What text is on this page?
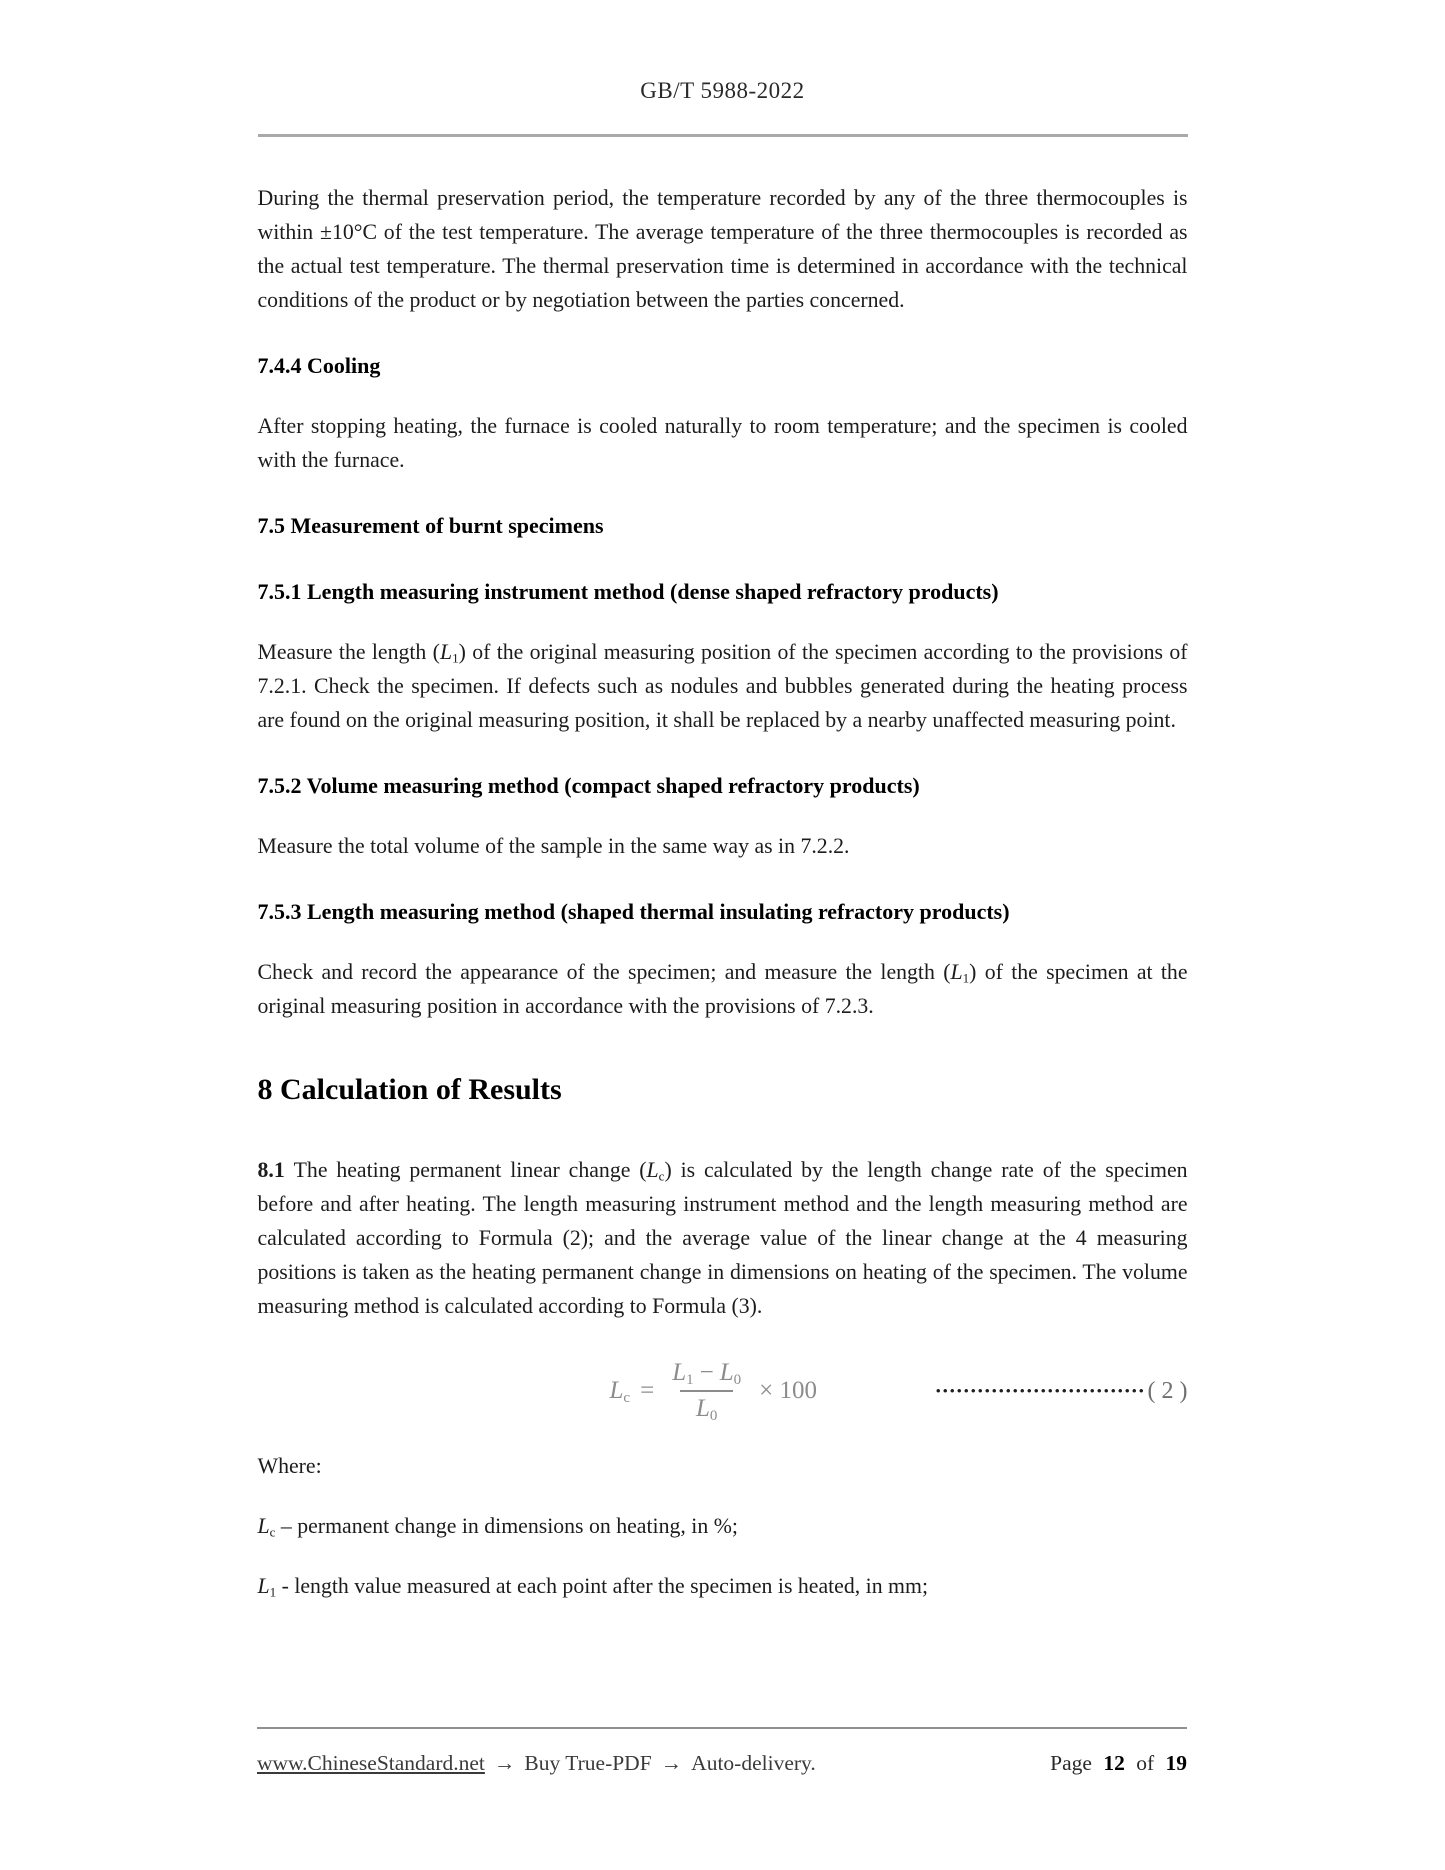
GB/T 5988-2022

During the thermal preservation period, the temperature recorded by any of the three thermocouples is within ±10°C of the test temperature. The average temperature of the three thermocouples is recorded as the actual test temperature. The thermal preservation time is determined in accordance with the technical conditions of the product or by negotiation between the parties concerned.

7.4.4 Cooling

After stopping heating, the furnace is cooled naturally to room temperature; and the specimen is cooled with the furnace.

7.5 Measurement of burnt specimens
7.5.1 Length measuring instrument method (dense shaped refractory products)

Measure the length $(L_1)$ of the original measuring position of the specimen according to the provisions of 7.2.1. Check the specimen. If defects such as nodules and bubbles generated during the heating process are found on the original measuring position, it shall be replaced by a nearby unaffected measuring point.

7.5.2 Volume measuring method (compact shaped refractory products)

Measure the total volume of the sample in the same way as in 7.2.2.

7.5.3 Length measuring method (shaped thermal insulating refractory products)

Check and record the appearance of the specimen; and measure the length $(L_1)$ of the specimen at the original measuring position in accordance with the provisions of 7.2.3.

8 Calculation of Results

8.1 The heating permanent linear change $(L_c)$ is calculated by the length change rate of the specimen before and after heating. The length measuring instrument method and the length measuring method are calculated according to Formula (2); and the average value of the linear change at the 4 measuring positions is taken as the heating permanent change in dimensions on heating of the specimen. The volume measuring method is calculated according to Formula (3).

$L_c = \frac{L_1 - L_0}{L_0} \times 100$	∙∙∙∙∙∙∙∙∙∙∙∙∙∙∙∙∙∙∙∙∙∙∙∙∙∙∙∙∙∙ ( 2 )

Where:

$L_c$ – permanent change in dimensions on heating, in %;

$L_1$ - length value measured at each point after the specimen is heated, in mm;

www.ChineseStandard.net → Buy True-PDF → Auto-delivery.	Page 12 of 19
